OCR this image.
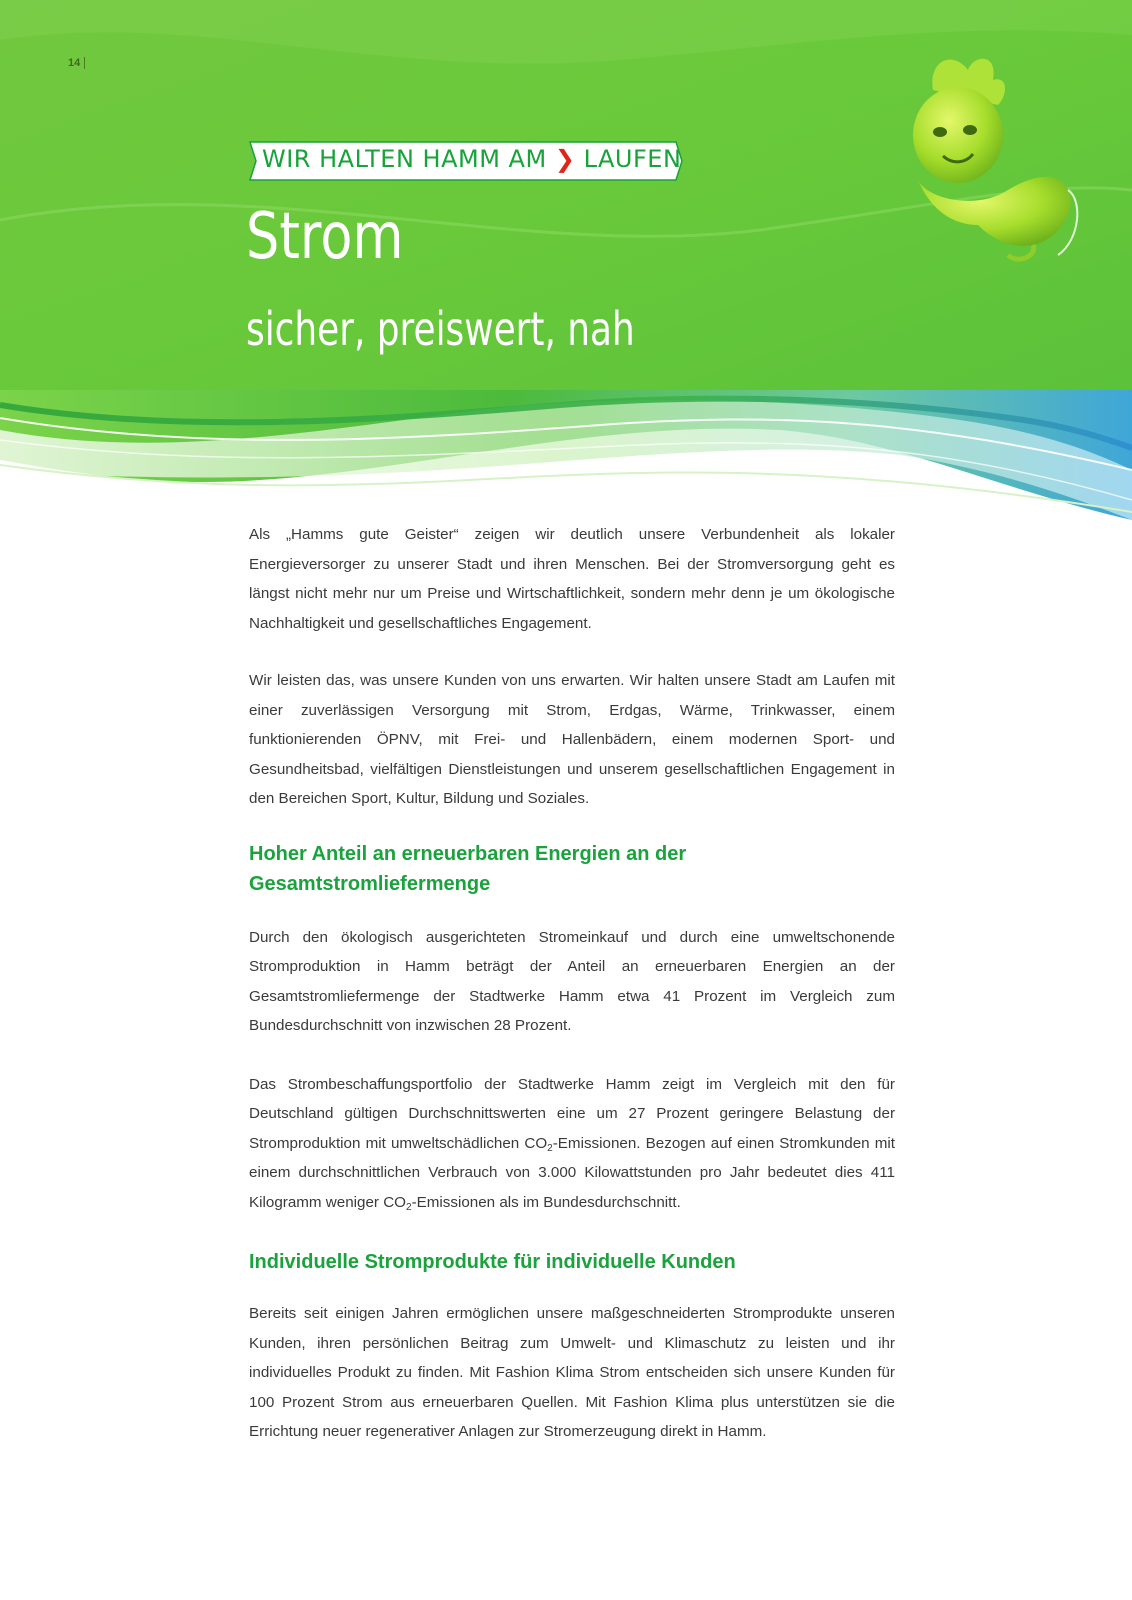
14
WIR HALTEN HAMM AM ❯ LAUFEN
Strom
sicher, preiswert, nah

Als „Hamms gute Geister“ zeigen wir deutlich unsere Verbundenheit als lokaler Energieversorger zu unserer Stadt und ihren Menschen. Bei der Stromversorgung geht es längst nicht mehr nur um Preise und Wirtschaftlichkeit, sondern mehr denn je um ökologische Nachhaltigkeit und gesellschaftliches Engagement.

Wir leisten das, was unsere Kunden von uns erwarten. Wir halten unsere Stadt am Laufen mit einer zuverlässigen Versorgung mit Strom, Erdgas, Wärme, Trinkwasser, einem funktionierenden ÖPNV, mit Frei- und Hallenbädern, einem modernen Sport- und Gesundheitsbad, vielfältigen Dienstleistungen und unserem gesellschaftlichen Engagement in den Bereichen Sport, Kultur, Bildung und Soziales.

Hoher Anteil an erneuerbaren Energien an der
Gesamtstromliefermenge

Durch den ökologisch ausgerichteten Stromeinkauf und durch eine umweltschonende Stromproduktion in Hamm beträgt der Anteil an erneuerbaren Energien an der Gesamtstromliefermenge der Stadtwerke Hamm etwa 41 Prozent im Vergleich zum Bundesdurchschnitt von inzwischen 28 Prozent.

Das Strombeschaffungsportfolio der Stadtwerke Hamm zeigt im Vergleich mit den für Deutschland gültigen Durchschnittswerten eine um 27 Prozent geringere Belastung der Stromproduktion mit umweltschädlichen $CO_2$-Emissionen. Bezogen auf einen Stromkunden mit einem durchschnittlichen Verbrauch von 3.000 Kilowattstunden pro Jahr bedeutet dies 411 Kilogramm weniger $CO_2$-Emissionen als im Bundesdurchschnitt.

Individuelle Stromprodukte für individuelle Kunden

Bereits seit einigen Jahren ermöglichen unsere maßgeschneiderten Stromprodukte unseren Kunden, ihren persönlichen Beitrag zum Umwelt- und Klimaschutz zu leisten und ihr individuelles Produkt zu finden. Mit Fashion Klima Strom entscheiden sich unsere Kunden für 100 Prozent Strom aus erneuerbaren Quellen. Mit Fashion Klima plus unterstützen sie die Errichtung neuer regenerativer Anlagen zur Stromerzeugung direkt in Hamm.
